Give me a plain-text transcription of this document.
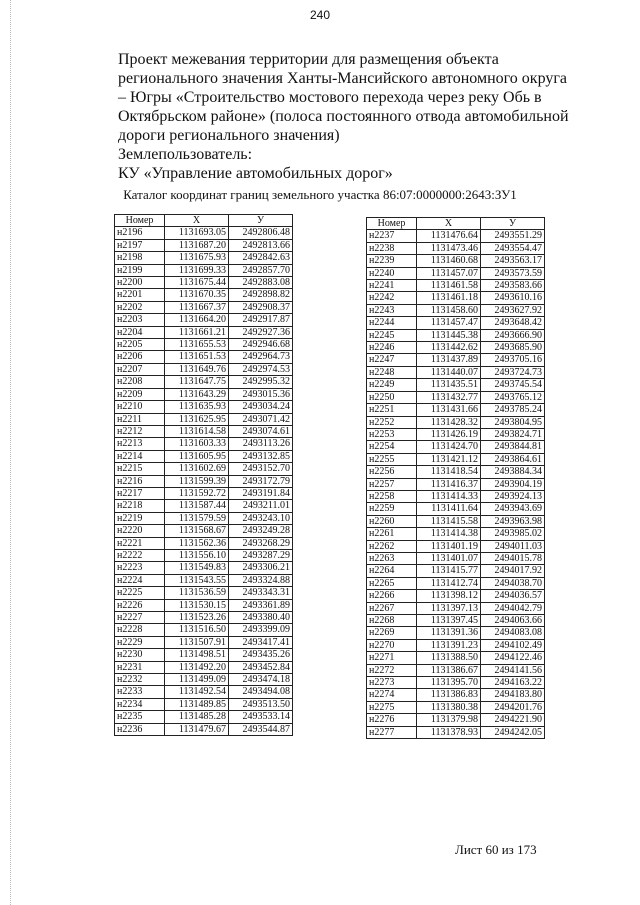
240
Проект межевания территории для размещения объекта
регионального значения Ханты-Мансийского автономного округа
– Югры «Строительство мостового перехода через реку Обь в
Октябрьском районе» (полоса постоянного отвода автомобильной
дороги регионального значения)
Землепользователь:
КУ «Управление автомобильных дорог»
Каталог координат границ земельного участка 86:07:0000000:2643:ЗУ1
Номер	X	У
н2196	1131693.05	2492806.48
н2197	1131687.20	2492813.66
н2198	1131675.93	2492842.63
н2199	1131699.33	2492857.70
н2200	1131675.44	2492883.08
н2201	1131670.35	2492898.82
н2202	1131667.37	2492908.37
н2203	1131664.20	2492917.87
н2204	1131661.21	2492927.36
н2205	1131655.53	2492946.68
н2206	1131651.53	2492964.73
н2207	1131649.76	2492974.53
н2208	1131647.75	2492995.32
н2209	1131643.29	2493015.36
н2210	1131635.93	2493034.24
н2211	1131625.95	2493071.42
н2212	1131614.58	2493074.61
н2213	1131603.33	2493113.26
н2214	1131605.95	2493132.85
н2215	1131602.69	2493152.70
н2216	1131599.39	2493172.79
н2217	1131592.72	2493191.84
н2218	1131587.44	2493211.01
н2219	1131579.59	2493243.10
н2220	1131568.67	2493249.28
н2221	1131562.36	2493268.29
н2222	1131556.10	2493287.29
н2223	1131549.83	2493306.21
н2224	1131543.55	2493324.88
н2225	1131536.59	2493343.31
н2226	1131530.15	2493361.89
н2227	1131523.26	2493380.40
н2228	1131516.50	2493399.09
н2229	1131507.91	2493417.41
н2230	1131498.51	2493435.26
н2231	1131492.20	2493452.84
н2232	1131499.09	2493474.18
н2233	1131492.54	2493494.08
н2234	1131489.85	2493513.50
н2235	1131485.28	2493533.14
н2236	1131479.67	2493544.87
Номер	X	У
н2237	1131476.64	2493551.29
н2238	1131473.46	2493554.47
н2239	1131460.68	2493563.17
н2240	1131457.07	2493573.59
н2241	1131461.58	2493583.66
н2242	1131461.18	2493610.16
н2243	1131458.60	2493627.92
н2244	1131457.47	2493648.42
н2245	1131445.38	2493666.90
н2246	1131442.62	2493685.90
н2247	1131437.89	2493705.16
н2248	1131440.07	2493724.73
н2249	1131435.51	2493745.54
н2250	1131432.77	2493765.12
н2251	1131431.66	2493785.24
н2252	1131428.32	2493804.95
н2253	1131426.19	2493824.71
н2254	1131424.70	2493844.81
н2255	1131421.12	2493864.61
н2256	1131418.54	2493884.34
н2257	1131416.37	2493904.19
н2258	1131414.33	2493924.13
н2259	1131411.64	2493943.69
н2260	1131415.58	2493963.98
н2261	1131414.38	2493985.02
н2262	1131401.19	2494011.03
н2263	1131401.07	2494015.78
н2264	1131415.77	2494017.92
н2265	1131412.74	2494038.70
н2266	1131398.12	2494036.57
н2267	1131397.13	2494042.79
н2268	1131397.45	2494063.66
н2269	1131391.36	2494083.08
н2270	1131391.23	2494102.49
н2271	1131388.50	2494122.46
н2272	1131386.67	2494141.56
н2273	1131395.70	2494163.22
н2274	1131386.83	2494183.80
н2275	1131380.38	2494201.76
н2276	1131379.98	2494221.90
н2277	1131378.93	2494242.05
Лист 60 из 173
